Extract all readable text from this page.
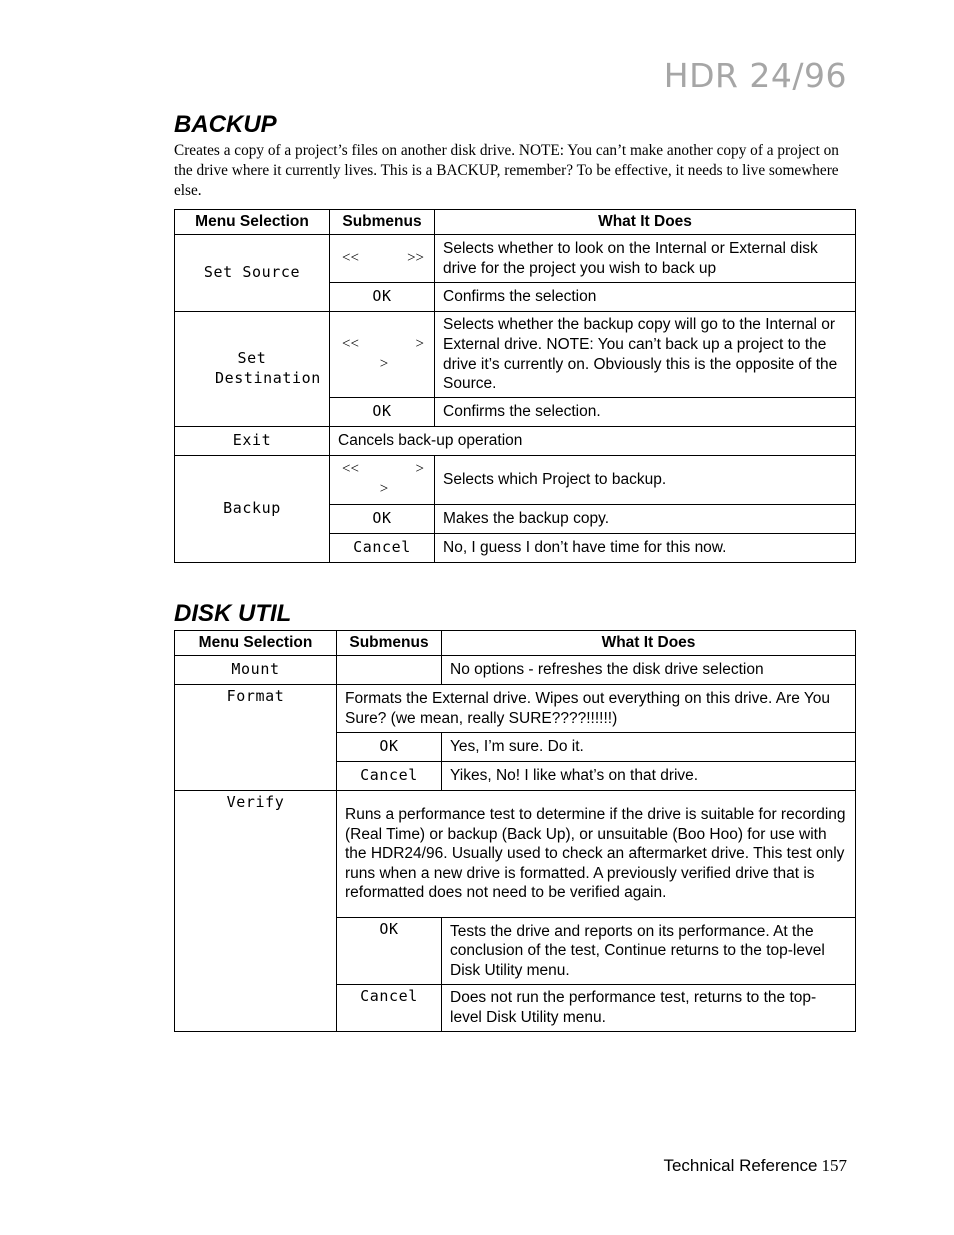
HDR 24/96
BACKUP
Creates a copy of a project’s files on another disk drive. NOTE: You can’t make another copy of a project on the drive where it currently lives. This is a BACKUP, remember? To be effective, it needs to live somewhere else.
Menu Selection	Submenus	What It Does
Set Source	<< >>	Selects whether to look on the Internal or External disk drive for the project you wish to back up
	OK	Confirms the selection
Set Destination	<< >
>	Selects whether the backup copy will go to the Internal or External drive. NOTE: You can’t back up a project to the drive it’s currently on. Obviously this is the opposite of the Source.
	OK	Confirms the selection.
Exit	Cancels back-up operation	
Backup	<< >
>	Selects which Project to backup.
	OK	Makes the backup copy.
	Cancel	No, I guess I don’t have time for this now.
DISK UTIL
Menu Selection	Submenus	What It Does
Mount		No options - refreshes the disk drive selection
Format	Formats the External drive. Wipes out everything on this drive. Are You Sure? (we mean, really SURE????!!!!!!)	
	OK	Yes, I’m sure. Do it.
	Cancel	Yikes, No! I like what’s on that drive.
Verify	Runs a performance test to determine if the drive is suitable for recording (Real Time) or backup (Back Up), or unsuitable (Boo Hoo) for use with the HDR24/96. Usually used to check an aftermarket drive. This test only runs when a new drive is formatted. A previously verified drive that is reformatted does not need to be verified again.	
	OK	Tests the drive and reports on its performance. At the conclusion of the test, Continue returns to the top-level Disk Utility menu.
	Cancel	Does not run the performance test, returns to the top-level Disk Utility menu.
Technical Reference 157
